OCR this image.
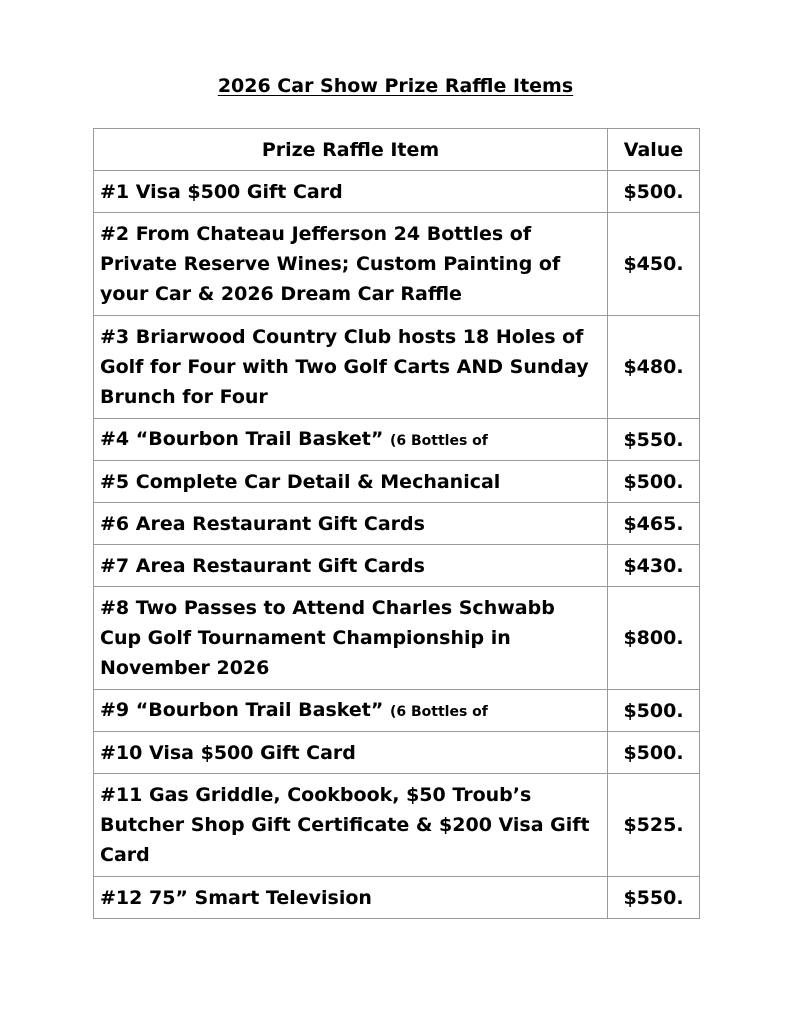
2026 Car Show Prize Raffle Items
Prize Raffle Item	Value
#1 Visa $500 Gift Card	$500.
#2 From Chateau Jefferson 24 Bottles of Private Reserve Wines; Custom Painting of your Car & 2026 Dream Car Raffle	$450.
#3 Briarwood Country Club hosts 18 Holes of Golf for Four with Two Golf Carts AND Sunday Brunch for Four	$480.
#4 “Bourbon Trail Basket” (6 Bottles of	$550.
#5 Complete Car Detail & Mechanical	$500.
#6 Area Restaurant Gift Cards	$465.
#7 Area Restaurant Gift Cards	$430.
#8 Two Passes to Attend Charles Schwabb Cup Golf Tournament Championship in November 2026	$800.
#9 “Bourbon Trail Basket” (6 Bottles of	$500.
#10 Visa $500 Gift Card	$500.
#11 Gas Griddle, Cookbook, $50 Troub’s Butcher Shop Gift Certificate & $200 Visa Gift Card	$525.
#12 75” Smart Television	$550.
